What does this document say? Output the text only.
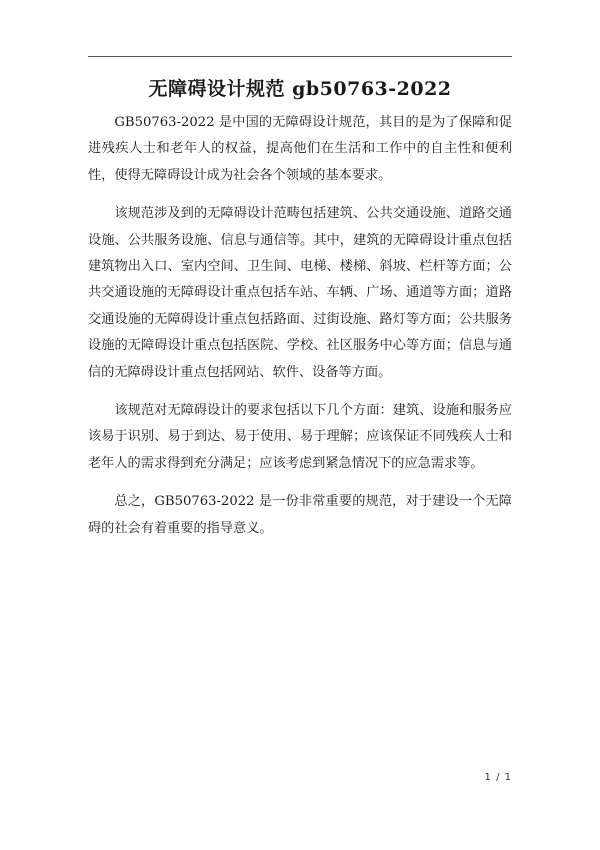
无障碍设计规范 gb50763-2022

GB50763-2022 是中国的无障碍设计规范，其目的是为了保障和促进残疾人士和老年人的权益，提高他们在生活和工作中的自主性和便利性，使得无障碍设计成为社会各个领域的基本要求。

该规范涉及到的无障碍设计范畴包括建筑、公共交通设施、道路交通设施、公共服务设施、信息与通信等。其中，建筑的无障碍设计重点包括建筑物出入口、室内空间、卫生间、电梯、楼梯、斜坡、栏杆等方面；公共交通设施的无障碍设计重点包括车站、车辆、广场、通道等方面；道路交通设施的无障碍设计重点包括路面、过街设施、路灯等方面；公共服务设施的无障碍设计重点包括医院、学校、社区服务中心等方面；信息与通信的无障碍设计重点包括网站、软件、设备等方面。

该规范对无障碍设计的要求包括以下几个方面：建筑、设施和服务应该易于识别、易于到达、易于使用、易于理解；应该保证不同残疾人士和老年人的需求得到充分满足；应该考虑到紧急情况下的应急需求等。

总之，GB50763-2022 是一份非常重要的规范，对于建设一个无障碍的社会有着重要的指导意义。

1 / 1
